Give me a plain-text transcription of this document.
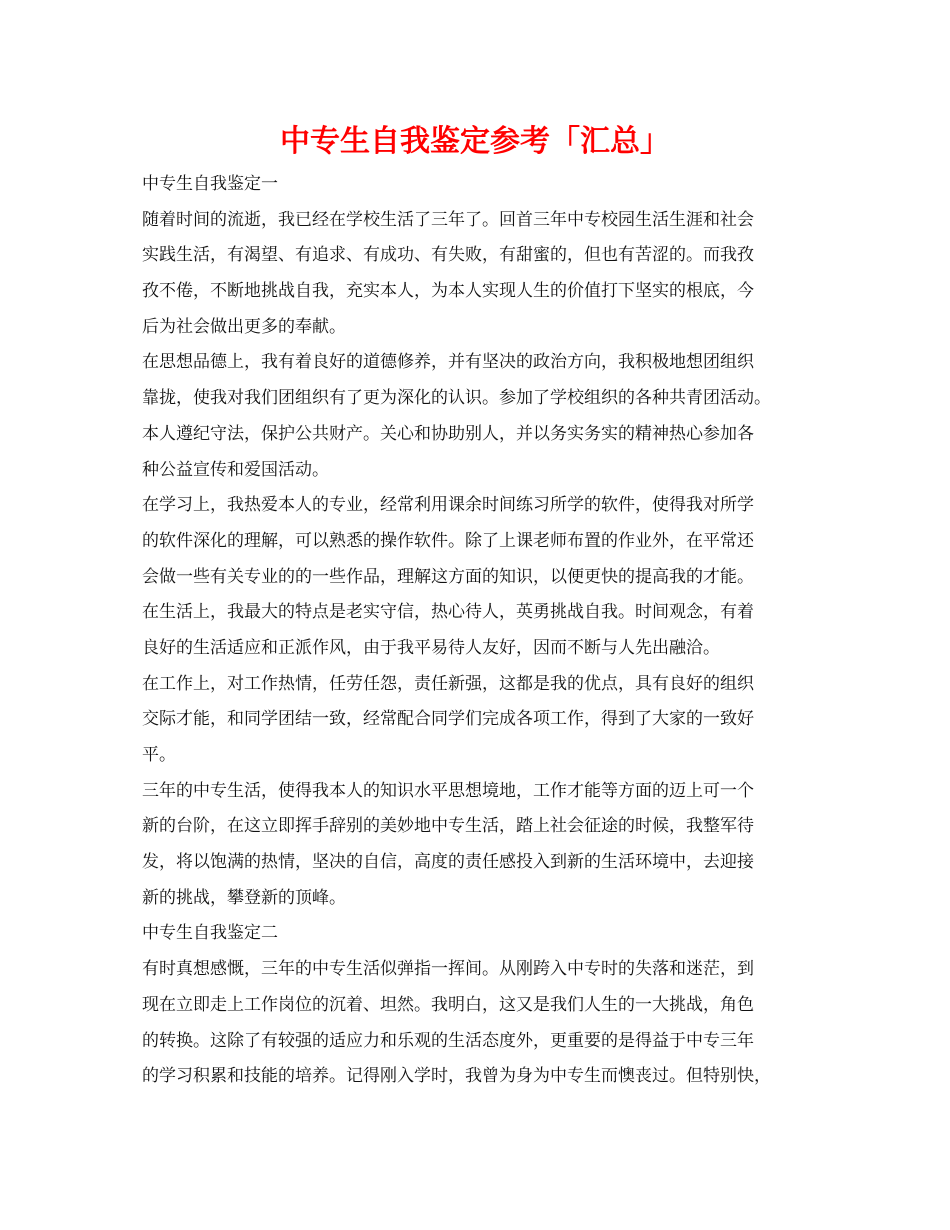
中专生自我鉴定参考「汇总」
中专生自我鉴定一
随着时间的流逝，我已经在学校生活了三年了。回首三年中专校园生活生涯和社会
实践生活，有渴望、有追求、有成功、有失败，有甜蜜的，但也有苦涩的。而我孜
孜不倦，不断地挑战自我，充实本人，为本人实现人生的价值打下坚实的根底，今
后为社会做出更多的奉献。
在思想品德上，我有着良好的道德修养，并有坚决的政治方向，我积极地想团组织
靠拢，使我对我们团组织有了更为深化的认识。参加了学校组织的各种共青团活动。
本人遵纪守法，保护公共财产。关心和协助别人，并以务实务实的精神热心参加各
种公益宣传和爱国活动。
在学习上，我热爱本人的专业，经常利用课余时间练习所学的软件，使得我对所学
的软件深化的理解，可以熟悉的操作软件。除了上课老师布置的作业外，在平常还
会做一些有关专业的的一些作品，理解这方面的知识，以便更快的提高我的才能。
在生活上，我最大的特点是老实守信，热心待人，英勇挑战自我。时间观念，有着
良好的生活适应和正派作风，由于我平易待人友好，因而不断与人先出融洽。
在工作上，对工作热情，任劳任怨，责任新强，这都是我的优点，具有良好的组织
交际才能，和同学团结一致，经常配合同学们完成各项工作，得到了大家的一致好
平。
三年的中专生活，使得我本人的知识水平思想境地，工作才能等方面的迈上可一个
新的台阶，在这立即挥手辞别的美妙地中专生活，踏上社会征途的时候，我整军待
发，将以饱满的热情，坚决的自信，高度的责任感投入到新的生活环境中，去迎接
新的挑战，攀登新的顶峰。
中专生自我鉴定二
有时真想感慨，三年的中专生活似弹指一挥间。从刚跨入中专时的失落和迷茫，到
现在立即走上工作岗位的沉着、坦然。我明白，这又是我们人生的一大挑战，角色
的转换。这除了有较强的适应力和乐观的生活态度外，更重要的是得益于中专三年
的学习积累和技能的培养。记得刚入学时，我曾为身为中专生而懊丧过。但特别快，
